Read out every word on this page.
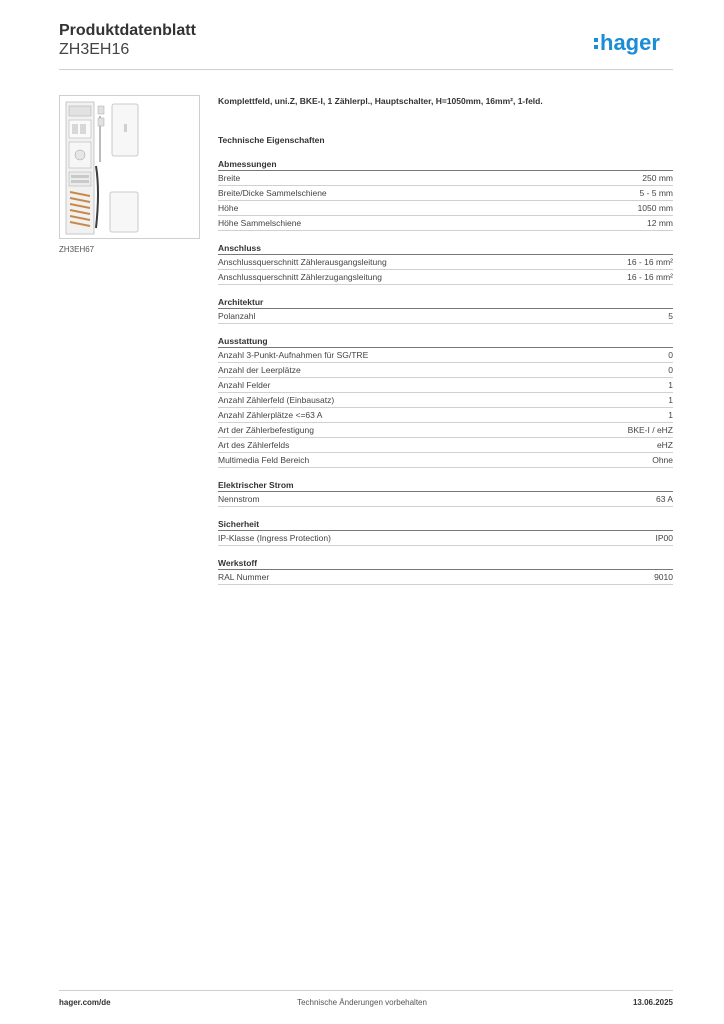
Produktdatenblatt
ZH3EH16	hager
ZH3EH67
Komplettfeld, uni.Z, BKE-I, 1 Zählerpl., Hauptschalter, H=1050mm, 16mm², 1-feld.
Technische Eigenschaften
Abmessungen
Breite	250 mm
Breite/Dicke Sammelschiene	5 - 5 mm
Höhe	1050 mm
Höhe Sammelschiene	12 mm
Anschluss
Anschlussquerschnitt Zählerausgangsleitung	16 - 16 mm²
Anschlussquerschnitt Zählerzugangsleitung	16 - 16 mm²
Architektur
Polanzahl	5
Ausstattung
Anzahl 3-Punkt-Aufnahmen für SG/TRE	0
Anzahl der Leerplätze	0
Anzahl Felder	1
Anzahl Zählerfeld (Einbausatz)	1
Anzahl Zählerplätze <=63 A	1
Art der Zählerbefestigung	BKE-I / eHZ
Art des Zählerfelds	eHZ
Multimedia Feld Bereich	Ohne
Elektrischer Strom
Nennstrom	63 A
Sicherheit
IP-Klasse (Ingress Protection)	IP00
Werkstoff
RAL Nummer	9010
hager.com/de	Technische Änderungen vorbehalten	13.06.2025
